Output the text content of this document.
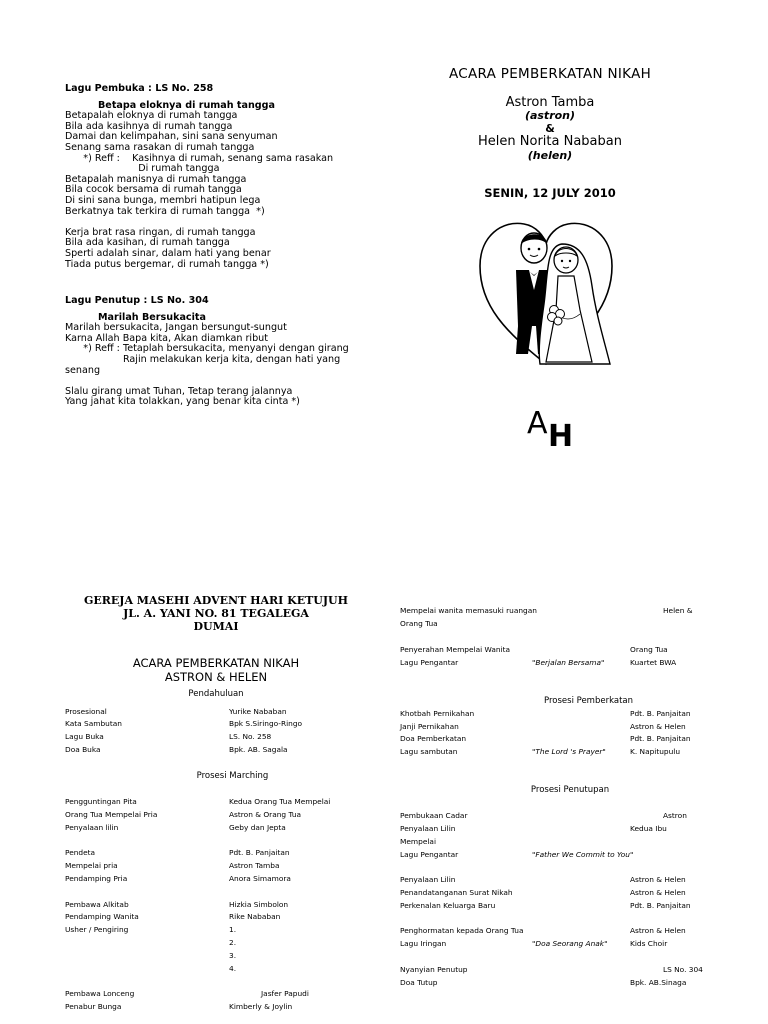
Lagu Pembuka : LS No. 258
Betapa eloknya di rumah tangga
Betapalah eloknya di rumah tangga
Bila ada kasihnya di rumah tangga
Damai dan kelimpahan, sini sana senyuman
Senang sama rasakan di rumah tangga
*) Reff :    Kasihnya di rumah, senang sama rasakan
Di rumah tangga
Betapalah manisnya di rumah tangga
Bila cocok bersama di rumah tangga
Di sini sana bunga, membri hatipun lega
Berkatnya tak terkira di rumah tangga  *)
Kerja brat rasa ringan, di rumah tangga
Bila ada kasihan, di rumah tangga
Sperti adalah sinar, dalam hati yang benar
Tiada putus bergemar, di rumah tangga *)
Lagu Penutup : LS No. 304
Marilah Bersukacita
Marilah bersukacita, Jangan bersungut-sungut
Karna Allah Bapa kita, Akan diamkan ribut
*) Reff : Tetaplah bersukacita, menyanyi dengan girang
Rajin melakukan kerja kita, dengan hati yang
senang
Slalu girang umat Tuhan, Tetap terang jalannya
Yang jahat kita tolakkan, yang benar kita cinta *)
ACARA PEMBERKATAN NIKAH
Astron Tamba
(astron)
&
Helen Norita Nababan
(helen)
SENIN, 12 JULY 2010
A H
GEREJA MASEHI ADVENT HARI KETUJUH
JL. A. YANI NO. 81 TEGALEGA
DUMAI
ACARA PEMBERKATAN NIKAH
ASTRON & HELEN
Pendahuluan
Prosesi Marching
Prosesional	Yurike Nababan
Kata Sambutan	Bpk S.Siringo-Ringo
Lagu Buka	LS. No. 258
Doa Buka	Bpk. AB. Sagala
Pengguntingan Pita	Kedua Orang Tua Mempelai
Orang Tua Mempelai Pria	Astron & Orang Tua
Penyalaan lilin	Geby dan Jepta
Pendeta	Pdt. B. Panjaitan
Mempelai pria	Astron Tamba
Pendamping Pria	Anora Simamora
Pembawa Alkitab	Hizkia Simbolon
Pendamping Wanita	Rike Nababan
Usher / Pengiring	1.
2.
3.
4.
Pembawa Lonceng	Jasfer Papudi
Penabur Bunga	Kimberly & Joylin
Prosesi Pemberkatan
Prosesi Penutupan
Mempelai wanita memasuki ruangan	Helen &
Orang Tua
Penyerahan Mempelai Wanita	Orang Tua
Lagu Pengantar	"Berjalan Bersama"	Kuartet BWA
Khotbah Pernikahan	Pdt. B. Panjaitan
Janji Pernikahan	Astron & Helen
Doa Pemberkatan	Pdt. B. Panjaitan
Lagu sambutan	"The Lord 's Prayer"	K. Napitupulu
Pembukaan Cadar	Astron
Penyalaan Lilin	Kedua Ibu
Mempelai
Lagu Pengantar	"Father We Commit to You"
Penyalaan Lilin	Astron & Helen
Penandatanganan Surat Nikah	Astron & Helen
Perkenalan Keluarga Baru	Pdt. B. Panjaitan
Penghormatan kepada Orang Tua	Astron & Helen
Lagu Iringan	"Doa Seorang Anak"	Kids Choir
Nyanyian Penutup	LS No. 304
Doa Tutup	Bpk. AB.Sinaga
